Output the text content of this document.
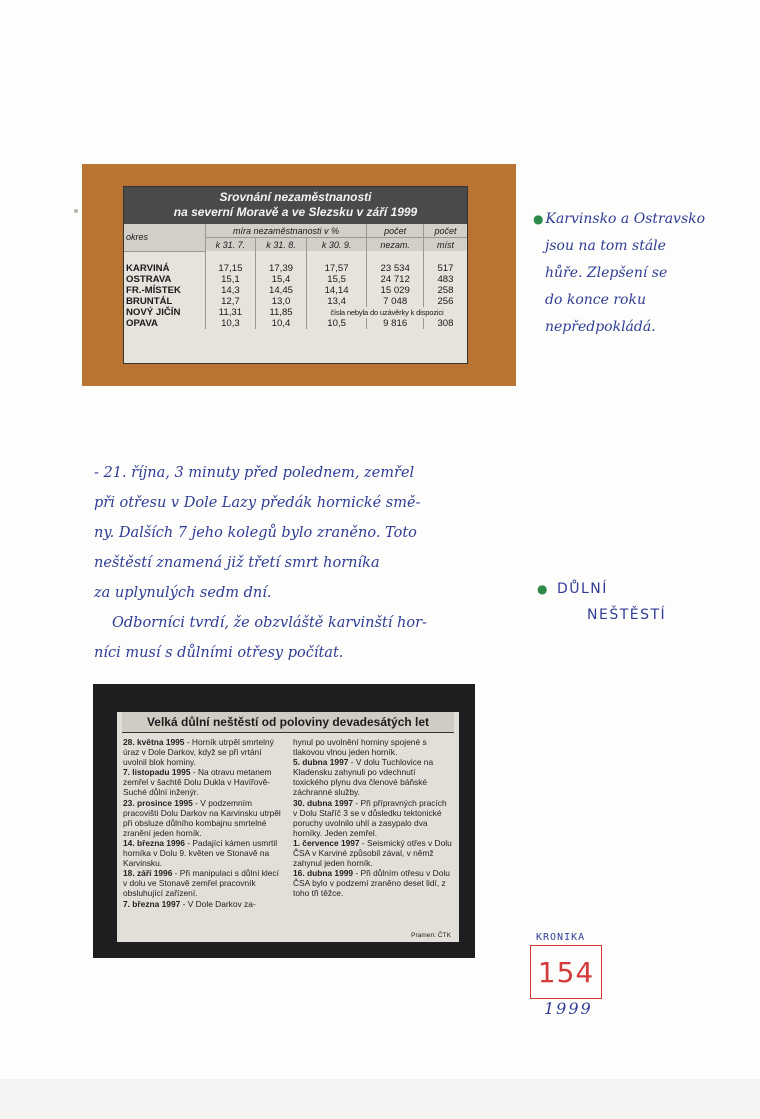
Srovnání nezaměstnanosti
na severní Moravě a ve Slezsku v září 1999
okres	míra nezaměstnanosti v %			počet	počet
	k 31. 7.	k 31. 8.	k 30. 9.	nezam.	míst

KARVINÁ	17,15	17,39	17,57	23 534	517
OSTRAVA	15,1	15,4	15,5	24 712	483
FR.-MÍSTEK	14,3	14,45	14,14	15 029	258
BRUNTÁL	12,7	13,0	13,4	7 048	256
NOVÝ JIČÍN	11,31	11,85	čísla nebyla do uzávěrky k dispozici		
OPAVA	10,3	10,4	10,5	9 816	308
● Karvinsko a Ostravsko
jsou na tom stále
hůře. Zlepšení se
do konce roku
nepředpokládá.
- 21. října, 3 minuty před polednem, zemřel
při otřesu v Dole Lazy předák hornické smě-
ny. Dalších 7 jeho kolegů bylo zraněno. Toto
neštěstí znamená již třetí smrt horníka
za uplynulých sedm dní.
Odborníci tvrdí, že obzvláště karvinští hor-
níci musí s důlními otřesy počítat.
● DŮLNÍ
NEŠTĚSTÍ
Velká důlní neštěstí od poloviny devadesátých let

28. května 1995 - Horník utrpěl smrtelný úraz v Dole Darkov, když se při vrtání uvolnil blok horniny.

7. listopadu 1995 - Na otravu metanem zemřel v šachtě Dolu Dukla v Havířově-Suché důlní inženýr.

23. prosince 1995 - V podzemním pracovišti Dolu Darkov na Karvinsku utrpěl při obsluze důlního kombajnu smrtelné zranění jeden horník.

14. března 1996 - Padající kámen usmrtil horníka v Dolu 9. květen ve Stonavě na Karvinsku.

18. září 1996 - Při manipulaci s důlní klecí v dolu ve Stonavě zemřel pracovník obsluhující zařízení.

7. března 1997 - V Dole Darkov za-

hynul po uvolnění horniny spojené s tlakovou vlnou jeden horník.

5. dubna 1997 - V dolu Tuchlovice na Kladensku zahynuli po vdechnutí toxického plynu dva členové báňské záchranné služby.

30. dubna 1997 - Při přípravných pracích v Dolu Staříč 3 se v důsledku tektonické poruchy uvolnilo uhlí a zasypalo dva horníky. Jeden zemřel.

1. července 1997 - Seismický otřes v Dolu ČSA v Karviné způsobil zával, v němž zahynul jeden horník.

16. dubna 1999 - Při důlním otřesu v Dolu ČSA bylo v podzemí zraněno deset lidí, z toho tři těžce.

Pramen: ČTK	KRONIKA
154
1999
